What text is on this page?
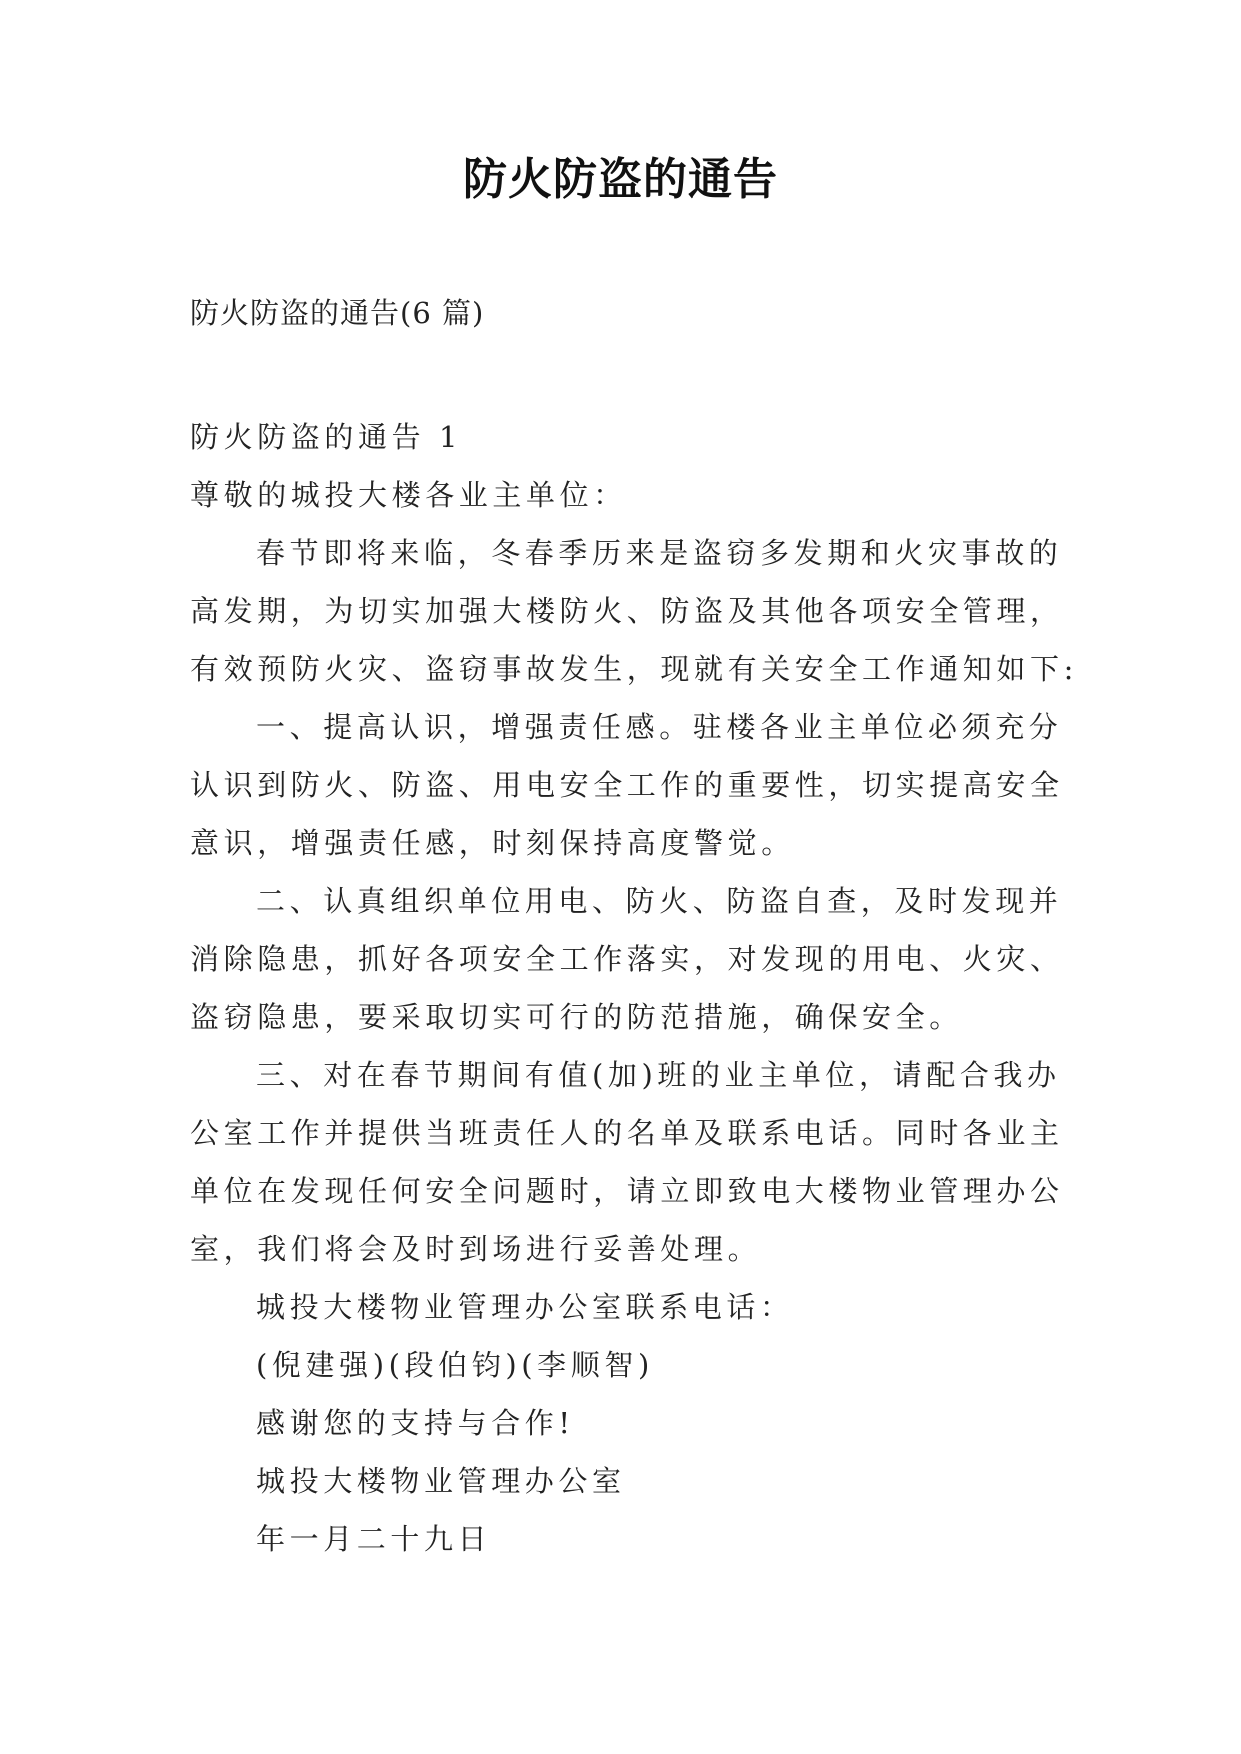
防火防盗的通告

防火防盗的通告(6 篇)

防火防盗的通告 1

尊敬的城投大楼各业主单位：

春节即将来临，冬春季历来是盗窃多发期和火灾事故的

高发期，为切实加强大楼防火、防盗及其他各项安全管理，

有效预防火灾、盗窃事故发生，现就有关安全工作通知如下:

一、提高认识，增强责任感。驻楼各业主单位必须充分

认识到防火、防盗、用电安全工作的重要性，切实提高安全

意识，增强责任感，时刻保持高度警觉。

二、认真组织单位用电、防火、防盗自查，及时发现并

消除隐患，抓好各项安全工作落实，对发现的用电、火灾、

盗窃隐患，要采取切实可行的防范措施，确保安全。

三、对在春节期间有值(加)班的业主单位，请配合我办

公室工作并提供当班责任人的名单及联系电话。同时各业主

单位在发现任何安全问题时，请立即致电大楼物业管理办公

室，我们将会及时到场进行妥善处理。

城投大楼物业管理办公室联系电话：

(倪建强)(段伯钧)(李顺智)

感谢您的支持与合作!

城投大楼物业管理办公室

年一月二十九日
